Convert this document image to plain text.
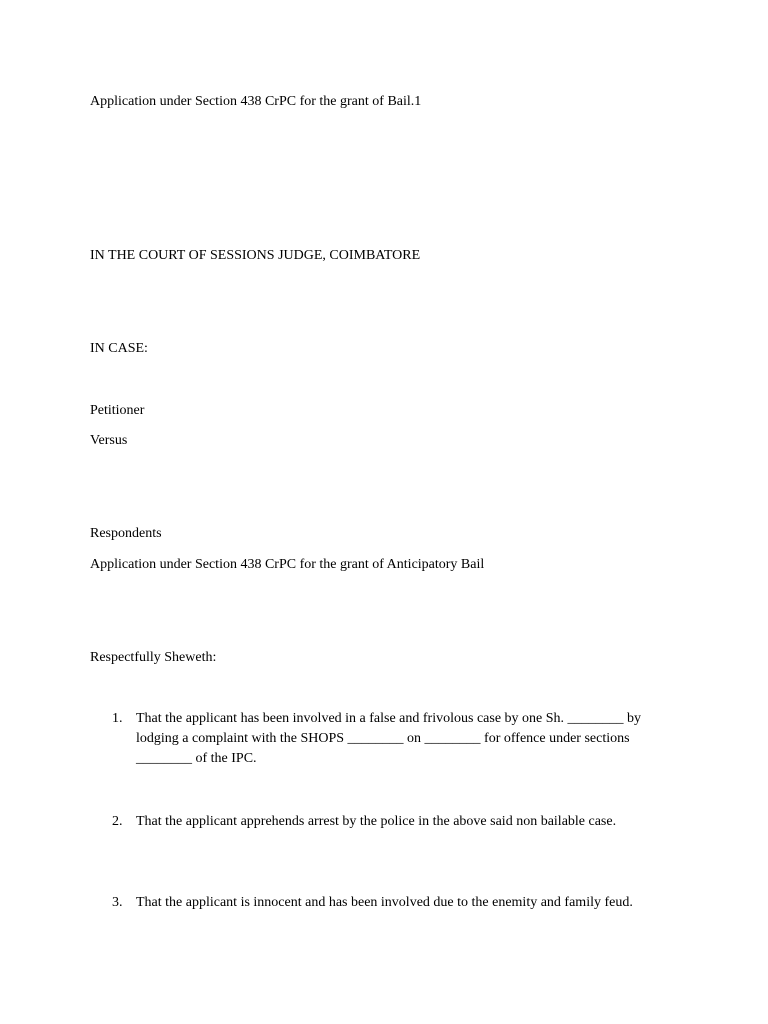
Application under Section 438 CrPC for the grant of Bail.1

IN THE COURT OF SESSIONS JUDGE, COIMBATORE

IN CASE:

Petitioner

Versus

Respondents

Application under Section 438 CrPC for the grant of Anticipatory Bail

Respectfully Sheweth:

1. That the applicant has been involved in a false and frivolous case by one Sh. ________ by lodging a complaint with the SHOPS ________ on ________ for offence under sections ________ of the IPC.
2. That the applicant apprehends arrest by the police in the above said non bailable case.
3. That the applicant is innocent and has been involved due to the enemity and family feud.
